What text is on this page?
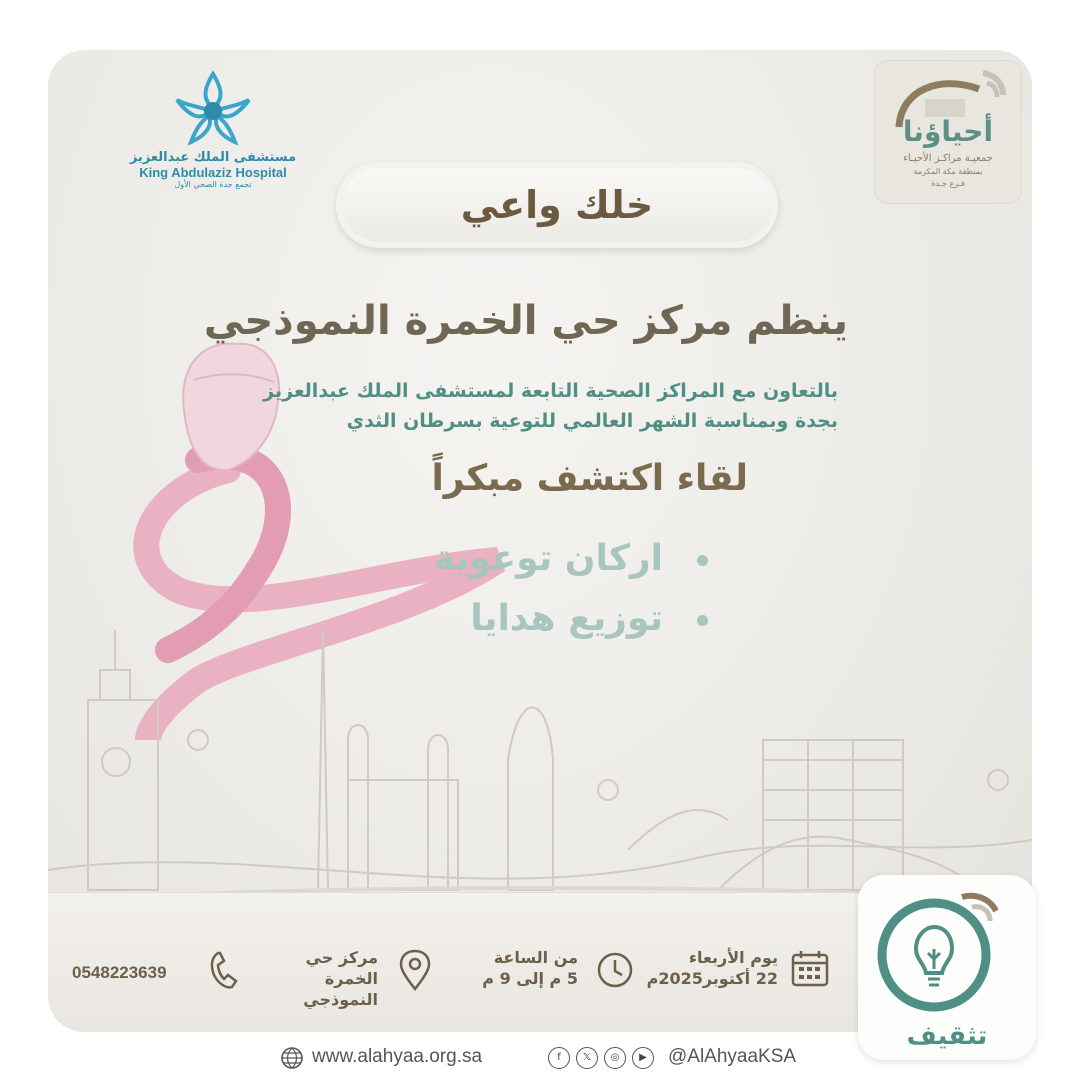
مستشفى الملك عبدالعزيز
King Abdulaziz Hospital
تجمع جدة الصحي الأول
أحياؤنا
جمعيـة مراكـز الأحيـاء
بمنطقة مكة المكرمة
فـرع جـدة
خلك واعي
ينظم مركز حي الخمرة النموذجي
بالتعاون مع المراكز الصحية التابعة لمستشفى الملك عبدالعزيز
بجدة وبمناسبة الشهر العالمي للتوعية بسرطان الثدي
لقاء اكتشف مبكراً
اركان توعوية
توزيع هدايا
يوم الأربعاء
22 أكتوبر2025م
من الساعة
5 م إلى 9 م
مركز حي الخمرة
النموذجي
0548223639
تثقيف
www.alahyaa.org.sa	f	𝕏	◎	▶	@AlAhyaaKSA
